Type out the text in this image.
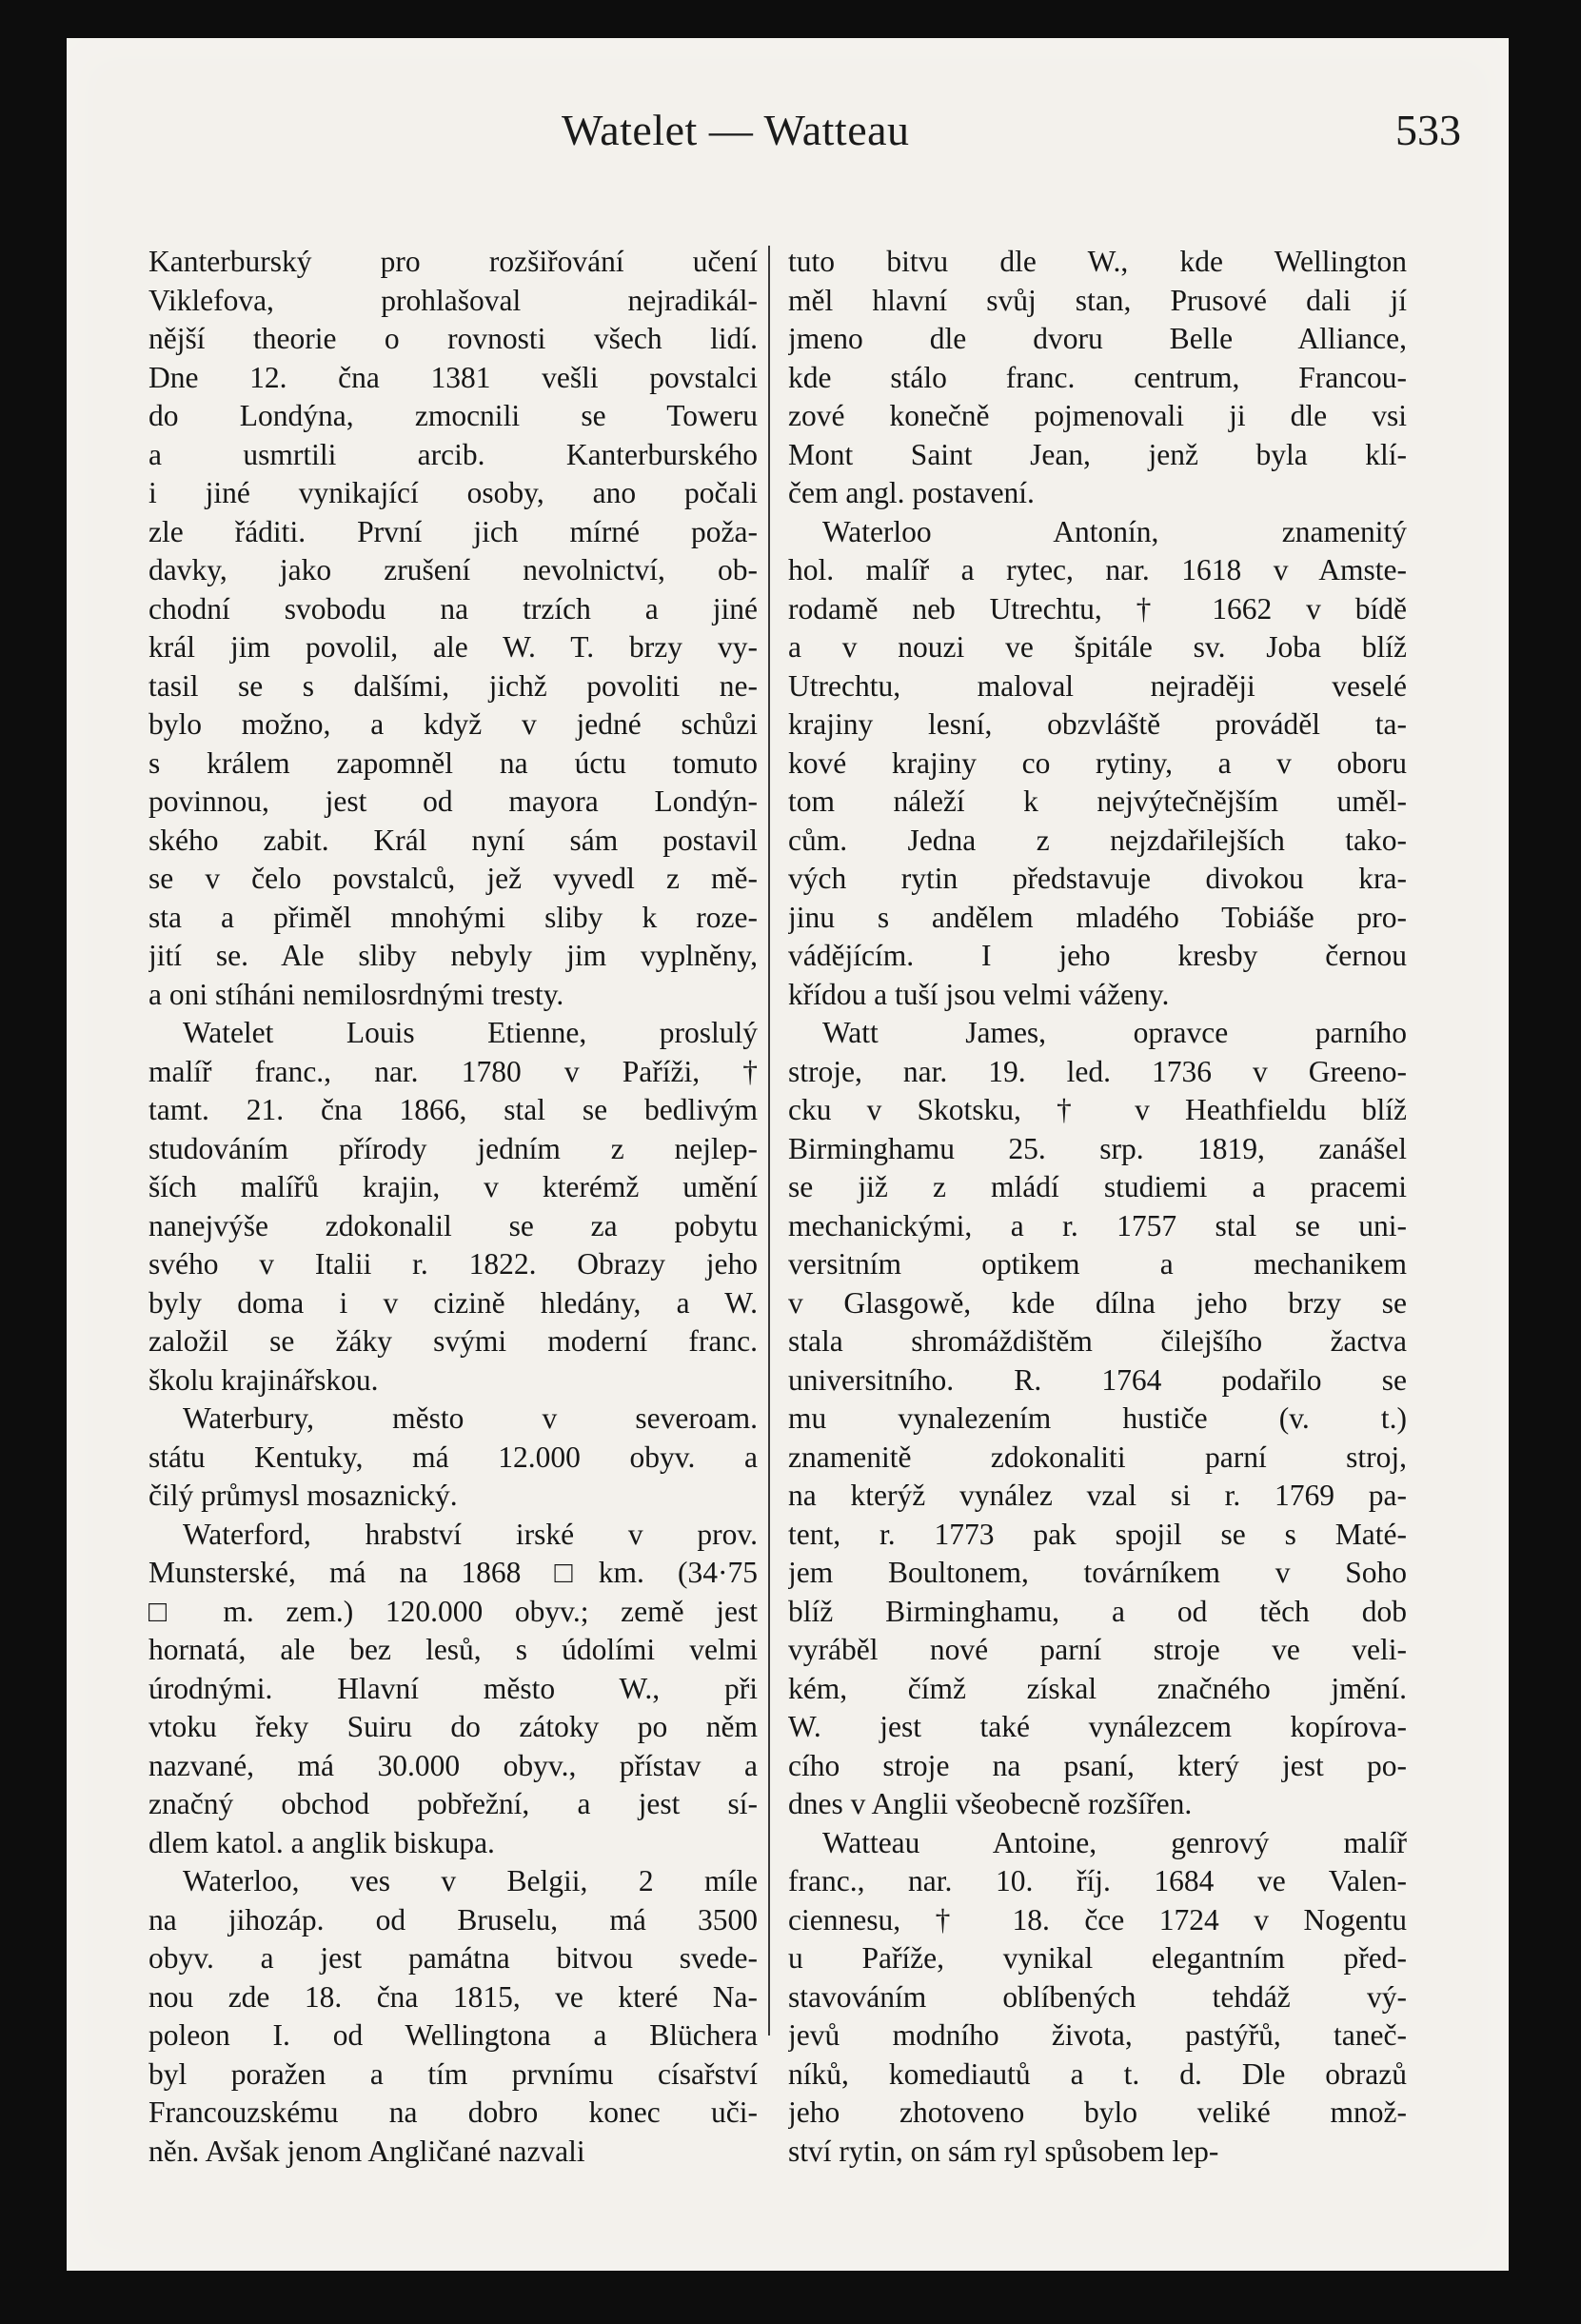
Watelet — Watteau	533
Kanterburský pro rozšiřování učení
Viklefova, prohlašoval nejradikál-
nější theorie o rovnosti všech lidí.
Dne 12. čna 1381 vešli povstalci
do Londýna, zmocnili se Toweru
a usmrtili arcib. Kanterburského
i jiné vynikající osoby, ano počali
zle řáditi. První jich mírné poža-
davky, jako zrušení nevolnictví, ob-
chodní svobodu na trzích a jiné
král jim povolil, ale W. T. brzy vy-
tasil se s dalšími, jichž povoliti ne-
bylo možno, a když v jedné schůzi
s králem zapomněl na úctu tomuto
povinnou, jest od mayora Londýn-
ského zabit. Král nyní sám postavil
se v čelo povstalců, jež vyvedl z mě-
sta a přiměl mnohými sliby k roze-
jití se. Ale sliby nebyly jim vyplněny,
a oni stíháni nemilosrdnými tresty.
Watelet Louis Etienne, proslulý
malíř franc., nar. 1780 v Paříži, †
tamt. 21. čna 1866, stal se bedlivým
studováním přírody jedním z nejlep-
ších malířů krajin, v kterémž umění
nanejvýše zdokonalil se za pobytu
svého v Italii r. 1822. Obrazy jeho
byly doma i v cizině hledány, a W.
založil se žáky svými moderní franc.
školu krajinářskou.
Waterbury, město v severoam.
státu Kentuky, má 12.000 obyv. a
čilý průmysl mosaznický.
Waterford, hrabství irské v prov.
Munsterské, má na 1868 □km. (34·75
□ m. zem.) 120.000 obyv.; země jest
hornatá, ale bez lesů, s údolími velmi
úrodnými. Hlavní město W., při
vtoku řeky Suiru do zátoky po něm
nazvané, má 30.000 obyv., přístav a
značný obchod pobřežní, a jest sí-
dlem katol. a anglik biskupa.
Waterloo, ves v Belgii, 2 míle
na jihozáp. od Bruselu, má 3500
obyv. a jest památna bitvou svede-
nou zde 18. čna 1815, ve které Na-
poleon I. od Wellingtona a Blüchera
byl poražen a tím prvnímu císařství
Francouzskému na dobro konec uči-
něn. Avšak jenom Angličané nazvali
tuto bitvu dle W., kde Wellington
měl hlavní svůj stan, Prusové dali jí
jmeno dle dvoru Belle Alliance,
kde stálo franc. centrum, Francou-
zové konečně pojmenovali ji dle vsi
Mont Saint Jean, jenž byla klí-
čem angl. postavení.
Waterloo Antonín, znamenitý
hol. malíř a rytec, nar. 1618 v Amste-
rodamě neb Utrechtu, † 1662 v bídě
a v nouzi ve špitále sv. Joba blíž
Utrechtu, maloval nejraději veselé
krajiny lesní, obzvláště prováděl ta-
kové krajiny co rytiny, a v oboru
tom náleží k nejvýtečnějším uměl-
cům. Jedna z nejzdařilejších tako-
vých rytin představuje divokou kra-
jinu s andělem mladého Tobiáše pro-
vádějícím. I jeho kresby černou
křídou a tuší jsou velmi váženy.
Watt James, opravce parního
stroje, nar. 19. led. 1736 v Greeno-
cku v Skotsku, † v Heathfieldu blíž
Birminghamu 25. srp. 1819, zanášel
se již z mládí studiemi a pracemi
mechanickými, a r. 1757 stal se uni-
versitním optikem a mechanikem
v Glasgowě, kde dílna jeho brzy se
stala shromáždištěm čilejšího žactva
universitního. R. 1764 podařilo se
mu vynalezením hustiče (v. t.)
znamenitě zdokonaliti parní stroj,
na kterýž vynález vzal si r. 1769 pa-
tent, r. 1773 pak spojil se s Maté-
jem Boultonem, továrníkem v Soho
blíž Birminghamu, a od těch dob
vyráběl nové parní stroje ve veli-
kém, čímž získal značného jmění.
W. jest také vynálezcem kopírova-
cího stroje na psaní, který jest po-
dnes v Anglii všeobecně rozšířen.
Watteau Antoine, genrový malíř
franc., nar. 10. říj. 1684 ve Valen-
ciennesu, † 18. čce 1724 v Nogentu
u Paříže, vynikal elegantním před-
stavováním oblíbených tehdáž vý-
jevů modního života, pastýřů, taneč-
níků, komediautů a t. d. Dle obrazů
jeho zhotoveno bylo veliké množ-
ství rytin, on sám ryl spůsobem lep-
